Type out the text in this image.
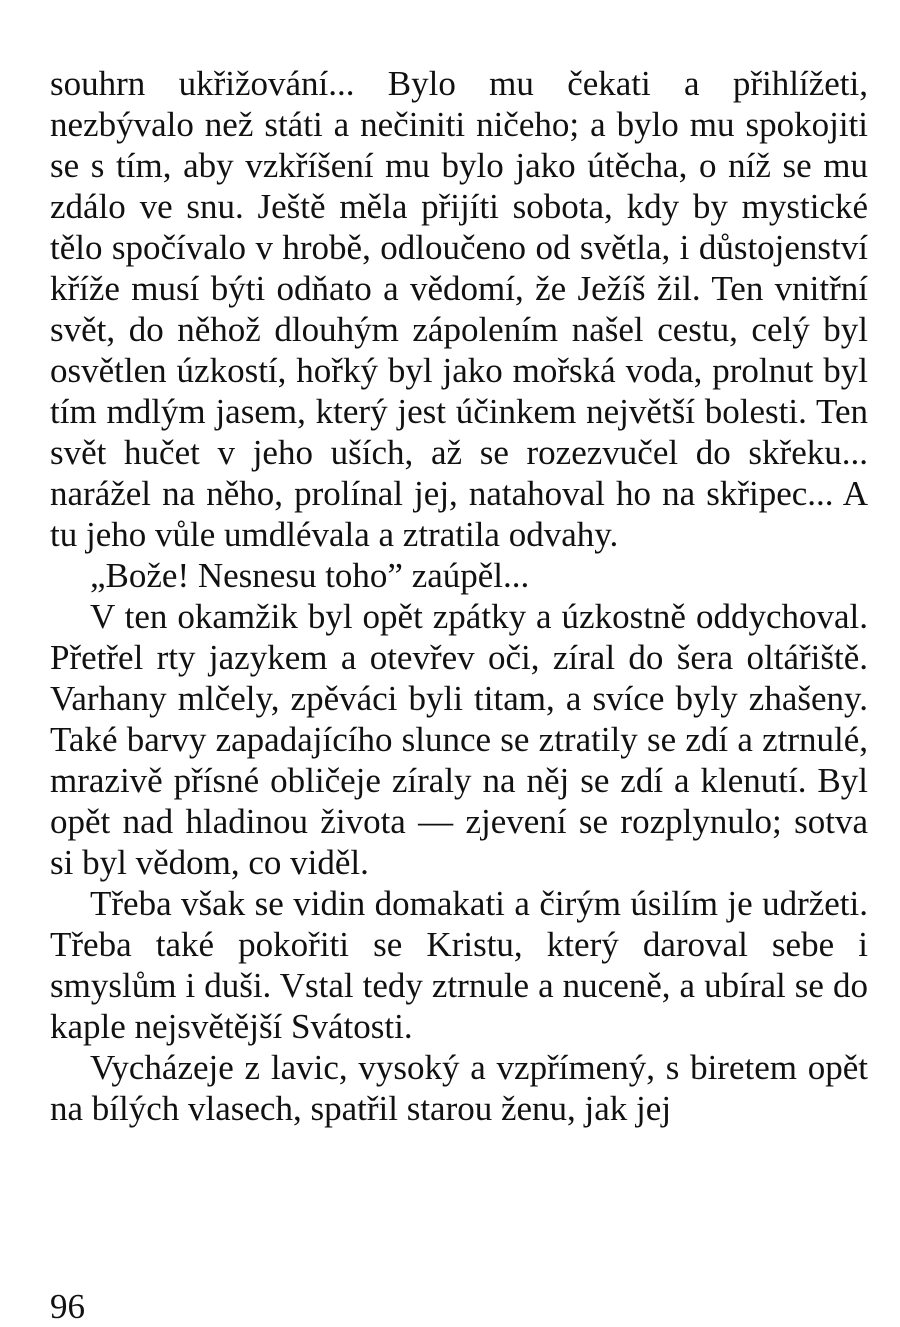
souhrn ukřižování... Bylo mu čekati a přihlížeti, nezbývalo než státi a nečiniti ničeho; a bylo mu spokojiti se s tím, aby vzkříšení mu bylo jako útěcha, o níž se mu zdálo ve snu. Ještě měla přijíti sobota, kdy by mystické tělo spočívalo v hrobě, odloučeno od světla, i důstojenství kříže musí býti odňato a vědomí, že Ježíš žil. Ten vnitřní svět, do něhož dlouhým zápolením našel cestu, celý byl osvětlen úzkostí, hořký byl jako mořská voda, prolnut byl tím mdlým jasem, který jest účinkem největší bolesti. Ten svět hučet v jeho uších, až se rozezvučel do skřeku... narážel na něho, prolínal jej, natahoval ho na skřipec... A tu jeho vůle umdlévala a ztratila odvahy.

„Bože! Nesnesu toho” zaúpěl...

V ten okamžik byl opět zpátky a úzkostně oddychoval. Přetřel rty jazykem a otevřev oči, zíral do šera oltářiště. Varhany mlčely, zpěváci byli titam, a svíce byly zhašeny. Také barvy zapadajícího slunce se ztratily se zdí a ztrnulé, mrazivě přísné obličeje zíraly na něj se zdí a klenutí. Byl opět nad hladinou života — zjevení se rozplynulo; sotva si byl vědom, co viděl.

Třeba však se vidin domakati a čirým úsilím je udržeti. Třeba také pokořiti se Kristu, který daroval sebe i smyslům i duši. Vstal tedy ztrnule a nuceně, a ubíral se do kaple nejsvětější Svátosti.

Vycházeje z lavic, vysoký a vzpřímený, s biretem opět na bílých vlasech, spatřil starou ženu, jak jej

96
